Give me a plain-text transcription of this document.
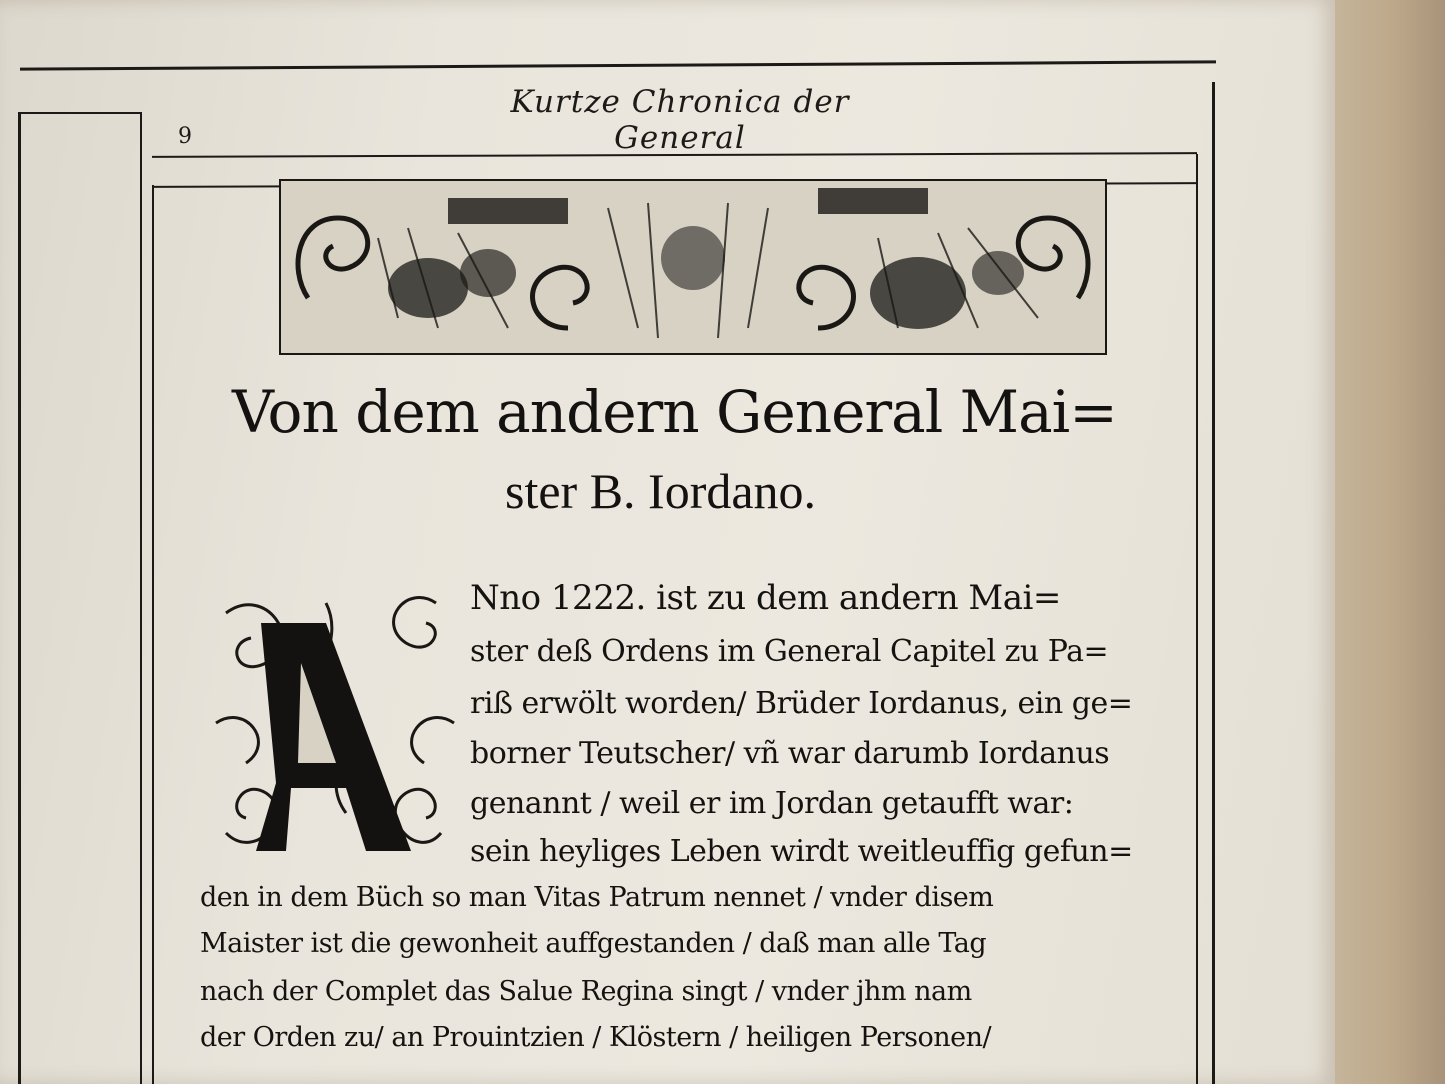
9
Kurtze Chronica der General
Von dem andern General Mai=
ster B. Iordano.
Nno 1222. ist zu dem andern Mai=
ster deß Ordens im General Capitel zu Pa=
riß erwölt worden/ Brüder Iordanus, ein ge=
borner Teutscher/ vñ war darumb Iordanus
genannt / weil er im Jordan getaufft war:
sein heyliges Leben wirdt weitleuffig gefun=
den in dem Büch so man Vitas Patrum nennet / vnder disem
Maister ist die gewonheit auffgestanden / daß man alle Tag
nach der Complet das Salue Regina singt / vnder jhm nam
der Orden zu/ an Prouintzien / Klöstern / heiligen Personen/
